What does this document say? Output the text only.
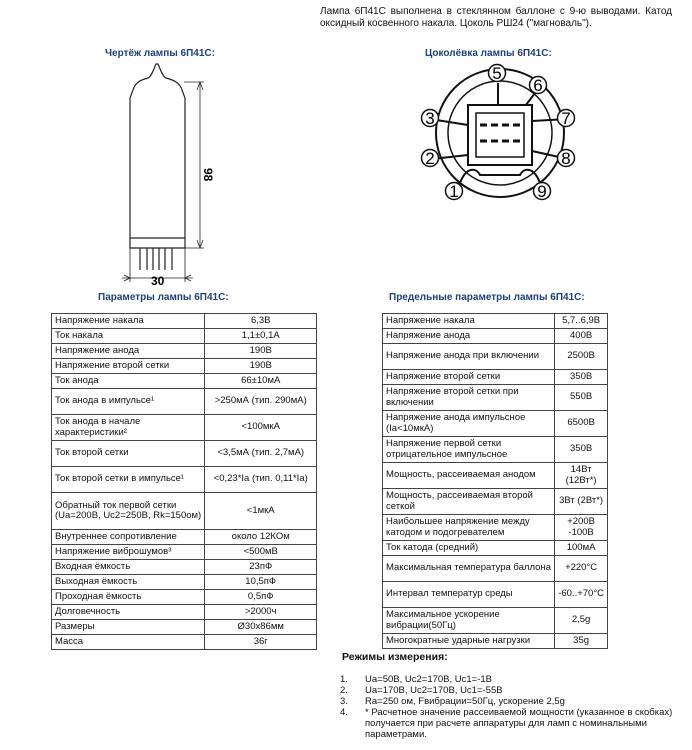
Лампа 6П41С выполнена в стеклянном баллоне с 9-ю выводами. Катод оксидный косвенного накала. Цоколь РШ24 ("магноваль").
Чертёж лампы 6П41С:
98
30
Цоколёвка лампы 6П41С:
1
2
3
5
6
7
8
9
4
Параметры лампы 6П41С:
Напряжение накала	6,3В
Ток накала	1,1±0,1А
Напряжение анода	190В
Напряжение второй сетки	190В
Ток анода	66±10мА
Ток анода в импульсе¹	>250мА (тип. 290мА)
Ток анода в начале характеристики²	<100мкА
Ток второй сетки	<3,5мА (тип. 2,7мА)
Ток второй сетки в импульсе¹	<0,23*Ia (тип. 0,11*Ia)
Обратный ток первой сетки (Ua=200В, Uc2=250В, Rk=150ом)	<1мкА
Внутреннее сопротивление	около 12КОм
Напряжение виброшумов³	<500мВ
Входная ёмкость	23пФ
Выходная ёмкость	10,5пФ
Проходная ёмкость	0,5пФ
Долговечность	>2000ч
Размеры	Ø30х86мм
Масса	36г
Предельные параметры лампы 6П41С:
Напряжение накала	5,7..6,9В
Напряжение анода	400В
Напряжение анода при включении	2500В
Напряжение второй сетки	350В
Напряжение второй сетки при включении	550В
Напряжение анода импульсное (Ia<10мкА)	6500В
Напряжение первой сетки отрицательное импульсное	350В
Мощность, рассеиваемая анодом	14Вт (12Вт*)
Мощность, рассеиваемая второй сеткой	3Вт (2Вт*)
Наибольшее напряжение между катодом и подогревателем	+200В -100В
Ток катода (средний)	100мА
Максимальная температура баллона	+220°С
Интервал температур среды	-60..+70°С
Максимальное ускорение вибрации(50Гц)	2,5g
Многократные ударные нагрузки	35g
Режимы измерения:
1.	Ua=50В, Uc2=170В, Uc1=-1В
2.	Ua=170В, Uc2=170В, Uc1=-55В
3.	Ra=250 ом, Fвибрации=50Гц, ускорение 2,5g
4.	* Расчетное значение рассеиваемой мощности (указанное в скобках) получается при расчете аппаратуры для ламп с номинальными параметрами.
